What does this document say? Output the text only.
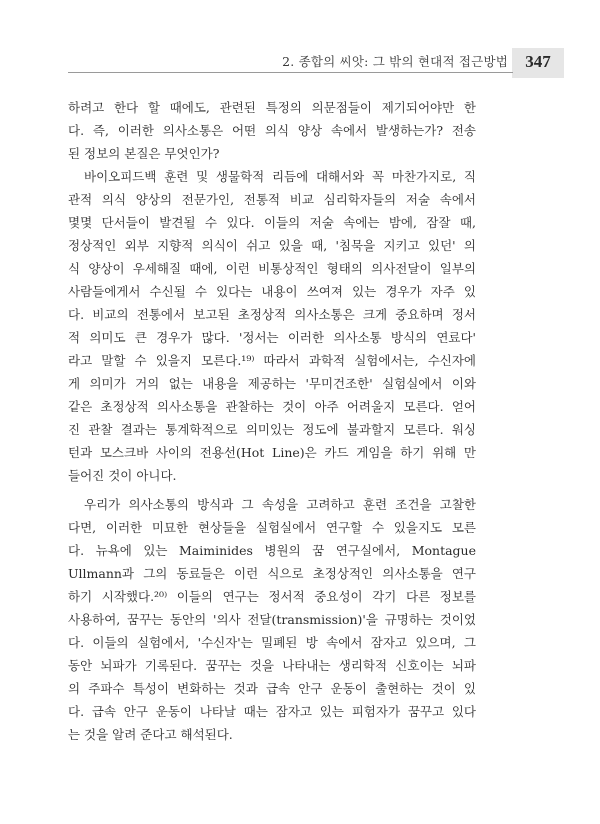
2. 종합의 씨앗: 그 밖의 현대적 접근방법	347
하려고 한다 할 때에도, 관련된 특정의 의문점들이 제기되어야만 한
다. 즉, 이러한 의사소통은 어떤 의식 양상 속에서 발생하는가? 전송
된 정보의 본질은 무엇인가?
바이오피드백 훈련 및 생물학적 리듬에 대해서와 꼭 마찬가지로, 직
관적 의식 양상의 전문가인, 전통적 비교 심리학자들의 저술 속에서
몇몇 단서들이 발견될 수 있다. 이들의 저술 속에는 밤에, 잠잘 때,
정상적인 외부 지향적 의식이 쉬고 있을 때, '침묵을 지키고 있던' 의
식 양상이 우세해질 때에, 이런 비통상적인 형태의 의사전달이 일부의
사람들에게서 수신될 수 있다는 내용이 쓰여져 있는 경우가 자주 있
다. 비교의 전통에서 보고된 초정상적 의사소통은 크게 중요하며 정서
적 의미도 큰 경우가 많다. '정서는 이러한 의사소통 방식의 연료다'
라고 말할 수 있을지 모른다.¹⁹⁾ 따라서 과학적 실험에서는, 수신자에
게 의미가 거의 없는 내용을 제공하는 '무미건조한' 실험실에서 이와
같은 초정상적 의사소통을 관찰하는 것이 아주 어려울지 모른다. 얻어
진 관찰 결과는 통계학적으로 의미있는 정도에 불과할지 모른다. 워싱
턴과 모스크바 사이의 전용선(Hot Line)은 카드 게임을 하기 위해 만
들어진 것이 아니다.
우리가 의사소통의 방식과 그 속성을 고려하고 훈련 조건을 고찰한
다면, 이러한 미묘한 현상들을 실험실에서 연구할 수 있을지도 모른
다. 뉴욕에 있는 Maiminides 병원의 꿈 연구실에서, Montague
Ullmann과 그의 동료들은 이런 식으로 초정상적인 의사소통을 연구
하기 시작했다.²⁰⁾ 이들의 연구는 정서적 중요성이 각기 다른 정보를
사용하여, 꿈꾸는 동안의 '의사 전달(transmission)'을 규명하는 것이었
다. 이들의 실험에서, '수신자'는 밀폐된 방 속에서 잠자고 있으며, 그
동안 뇌파가 기록된다. 꿈꾸는 것을 나타내는 생리학적 신호이는 뇌파
의 주파수 특성이 변화하는 것과 급속 안구 운동이 출현하는 것이 있
다. 급속 안구 운동이 나타날 때는 잠자고 있는 피험자가 꿈꾸고 있다
는 것을 알려 준다고 해석된다.
